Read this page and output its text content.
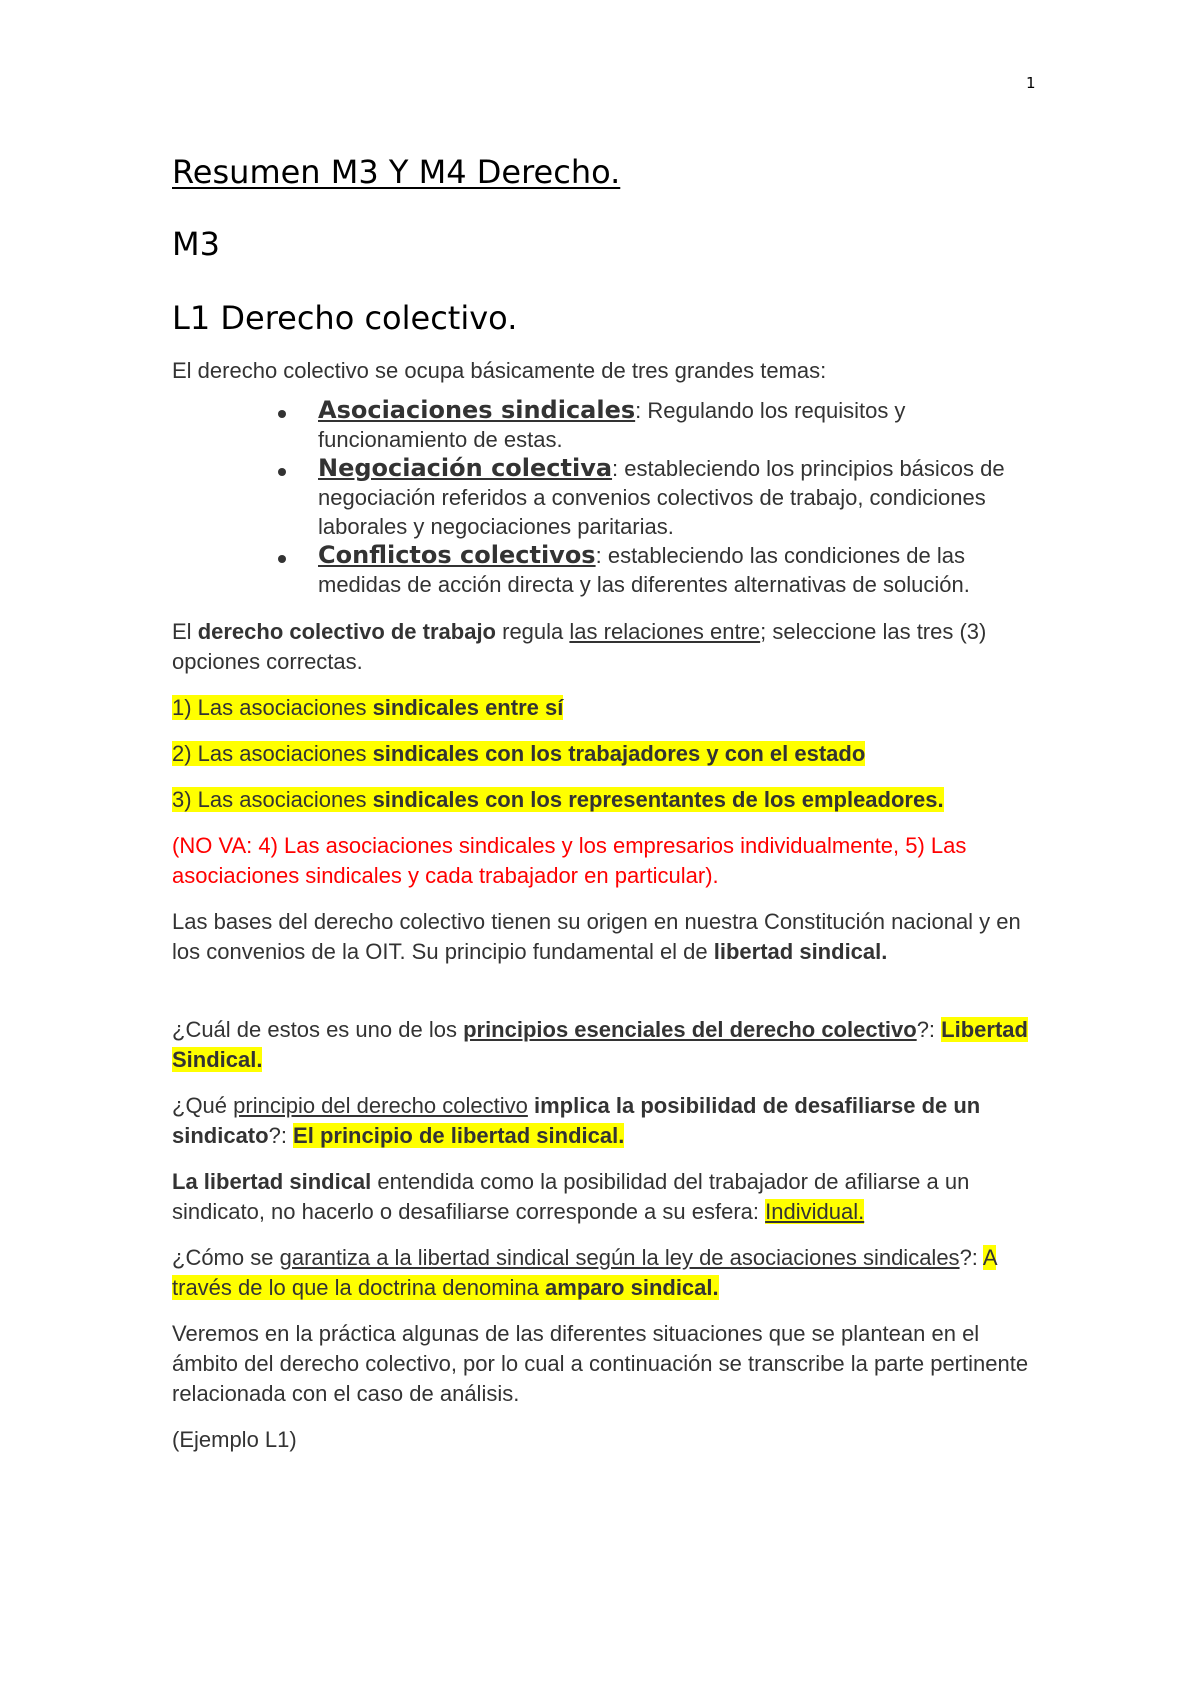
1
Resumen M3 Y M4 Derecho.
M3
L1 Derecho colectivo.

El derecho colectivo se ocupa básicamente de tres grandes temas:

Asociaciones sindicales: Regulando los requisitos y funcionamiento de estas.
Negociación colectiva: estableciendo los principios básicos de negociación referidos a convenios colectivos de trabajo, condiciones laborales y negociaciones paritarias.
Conflictos colectivos: estableciendo las condiciones de las medidas de acción directa y las diferentes alternativas de solución.

El derecho colectivo de trabajo regula las relaciones entre; seleccione las tres (3) opciones correctas.

1) Las asociaciones sindicales entre sí

2) Las asociaciones sindicales con los trabajadores y con el estado

3) Las asociaciones sindicales con los representantes de los empleadores.

(NO VA: 4) Las asociaciones sindicales y los empresarios individualmente, 5) Las asociaciones sindicales y cada trabajador en particular).

Las bases del derecho colectivo tienen su origen en nuestra Constitución nacional y en los convenios de la OIT. Su principio fundamental el de libertad sindical.

¿Cuál de estos es uno de los principios esenciales del derecho colectivo?: Libertad Sindical.

¿Qué principio del derecho colectivo implica la posibilidad de desafiliarse de un sindicato?: El principio de libertad sindical.

La libertad sindical entendida como la posibilidad del trabajador de afiliarse a un sindicato, no hacerlo o desafiliarse corresponde a su esfera: Individual.

¿Cómo se garantiza a la libertad sindical según la ley de asociaciones sindicales?: A través de lo que la doctrina denomina amparo sindical.

Veremos en la práctica algunas de las diferentes situaciones que se plantean en el ámbito del derecho colectivo, por lo cual a continuación se transcribe la parte pertinente relacionada con el caso de análisis.

(Ejemplo L1)
